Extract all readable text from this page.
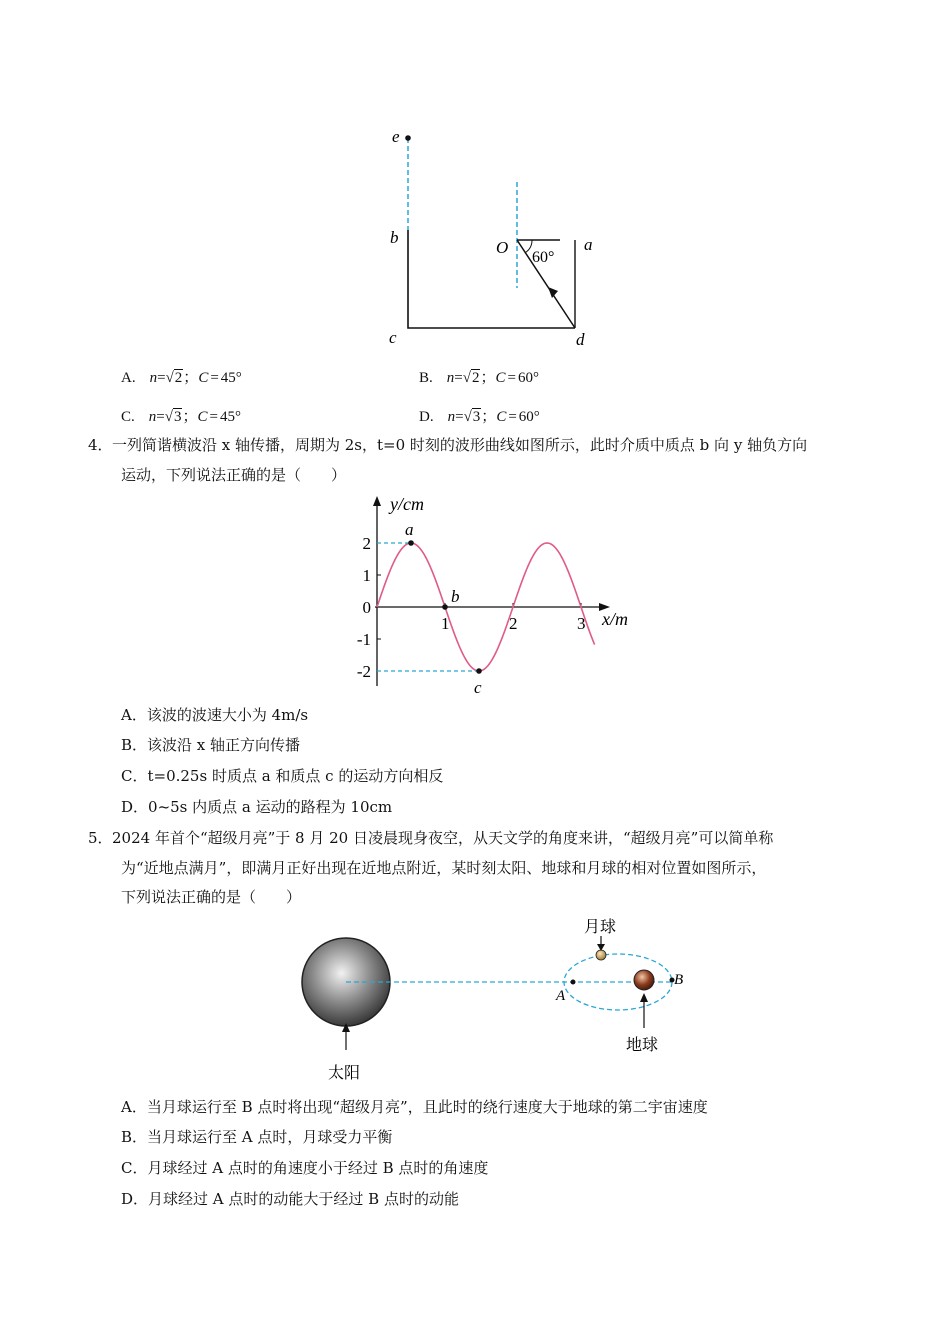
e
b
c	d
O	a
60°
A. n=√2；C = 45°	B. n=√2；C = 60°
C. n=√3；C = 45°	D. n=√3；C = 60°
4． 一列简谐横波沿 x 轴传播，周期为 2s，t=0 时刻的波形曲线如图所示，此时介质中质点 b 向 y 轴负方向
运动，下列说法正确的是（　　）
y/cm
x/m
2
1
0
-1
-2
1	2	3
a
b
c
A．该波的波速大小为 4m/s
B．该波沿 x 轴正方向传播
C．t=0.25s 时质点 a 和质点 c 的运动方向相反
D．0~5s 内质点 a 运动的路程为 10cm
5． 2024 年首个“超级月亮”于 8 月 20 日凌晨现身夜空，从天文学的角度来讲，“超级月亮”可以简单称
为“近地点满月”，即满月正好出现在近地点附近，某时刻太阳、地球和月球的相对位置如图所示，
下列说法正确的是（　　）
月球
地球
太阳
A
B
A．当月球运行至 B 点时将出现“超级月亮”，且此时的绕行速度大于地球的第二宇宙速度
B．当月球运行至 A 点时，月球受力平衡
C．月球经过 A 点时的角速度小于经过 B 点时的角速度
D．月球经过 A 点时的动能大于经过 B 点时的动能
